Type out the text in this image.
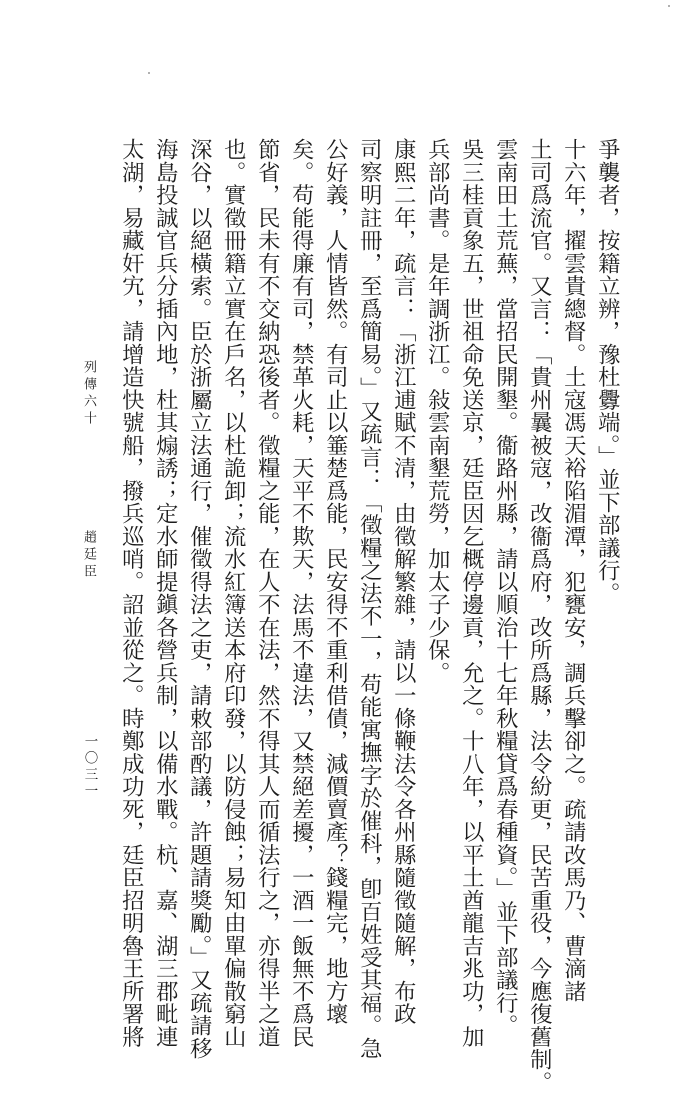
爭襲者，按籍立辨，豫杜釁端。」並下部議行。
十六年，擢雲貴總督。土寇馮天裕陷湄潭，犯甕安，調兵擊卻之。疏請改馬乃、曹滴諸
土司爲流官。又言：「貴州曩被寇，改衞爲府，改所爲縣，法令紛更，民苦重役，今應復舊制。
雲南田土荒蕪，當招民開墾。衞路州縣，請以順治十七年秋糧貸爲春種資。」並下部議行。
吳三桂貢象五，世祖命免送京，廷臣因乞概停邊貢，允之。十八年，以平土酋龍吉兆功，加
兵部尚書。是年調浙江。敍雲南墾荒勞，加太子少保。
康熙二年，疏言：「浙江逋賦不清，由徵解繁雜，請以一條鞭法令各州縣隨徵隨解，布政
司察明註冊，至爲簡易。」又疏言：「徵糧之法不一，苟能寓撫字於催科，卽百姓受其福。急
公好義，人情皆然。有司止以箠楚爲能，民安得不重利借債，減價賣產？錢糧完，地方壞
矣。苟能得廉有司，禁革火耗，天平不欺天，法馬不違法，又禁絕差擾，一酒一飯無不爲民
節省，民未有不交納恐後者。徵糧之能，在人不在法，然不得其人而循法行之，亦得半之道
也。實徵冊籍立實在戶名，以杜詭卸；流水紅簿送本府印發，以防侵蝕；易知由單偏散窮山
深谷，以絕橫索。臣於浙屬立法通行，催徵得法之吏，請敕部酌議，許題請獎勵。」又疏請移
海島投誠官兵分插內地，杜其煽誘；定水師提鎭各營兵制，以備水戰。杭、嘉、湖三郡毗連
太湖，易藏奸宄，請增造快號船，撥兵巡哨。詔並從之。時鄭成功死，廷臣招明魯王所署將
列傳六十
趙廷臣
一〇三一
